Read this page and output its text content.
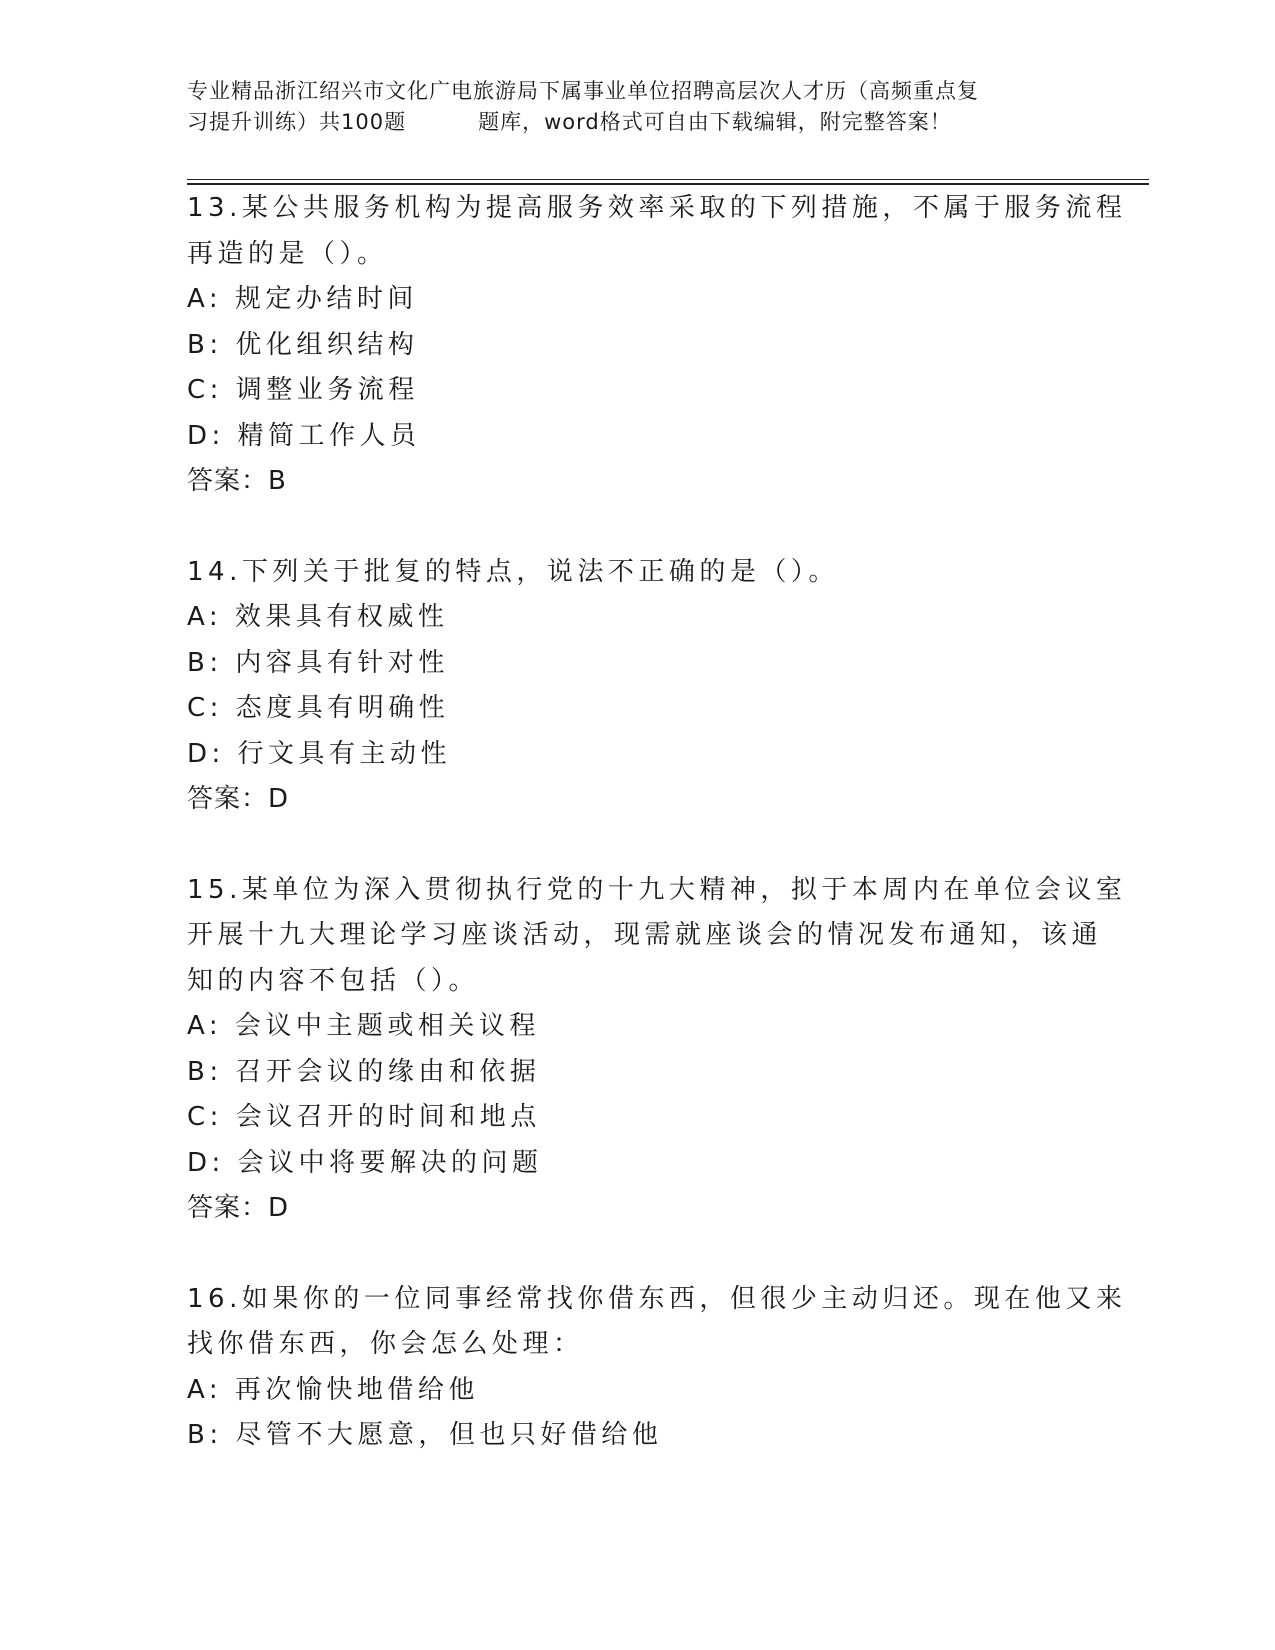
专业精品浙江绍兴市文化广电旅游局下属事业单位招聘高层次人才历（高频重点复
习提升训练）共100题	题库，word格式可自由下载编辑，附完整答案！
13.某公共服务机构为提高服务效率采取的下列措施，不属于服务流程
再造的是（）。
A: 规定办结时间
B: 优化组织结构
C: 调整业务流程
D: 精简工作人员
答案：B
14.下列关于批复的特点，说法不正确的是（）。
A: 效果具有权威性
B: 内容具有针对性
C: 态度具有明确性
D: 行文具有主动性
答案：D
15.某单位为深入贯彻执行党的十九大精神，拟于本周内在单位会议室
开展十九大理论学习座谈活动，现需就座谈会的情况发布通知，该通
知的内容不包括（）。
A: 会议中主题或相关议程
B: 召开会议的缘由和依据
C: 会议召开的时间和地点
D: 会议中将要解决的问题
答案：D
16.如果你的一位同事经常找你借东西，但很少主动归还。现在他又来
找你借东西，你会怎么处理：
A: 再次愉快地借给他
B: 尽管不大愿意，但也只好借给他
